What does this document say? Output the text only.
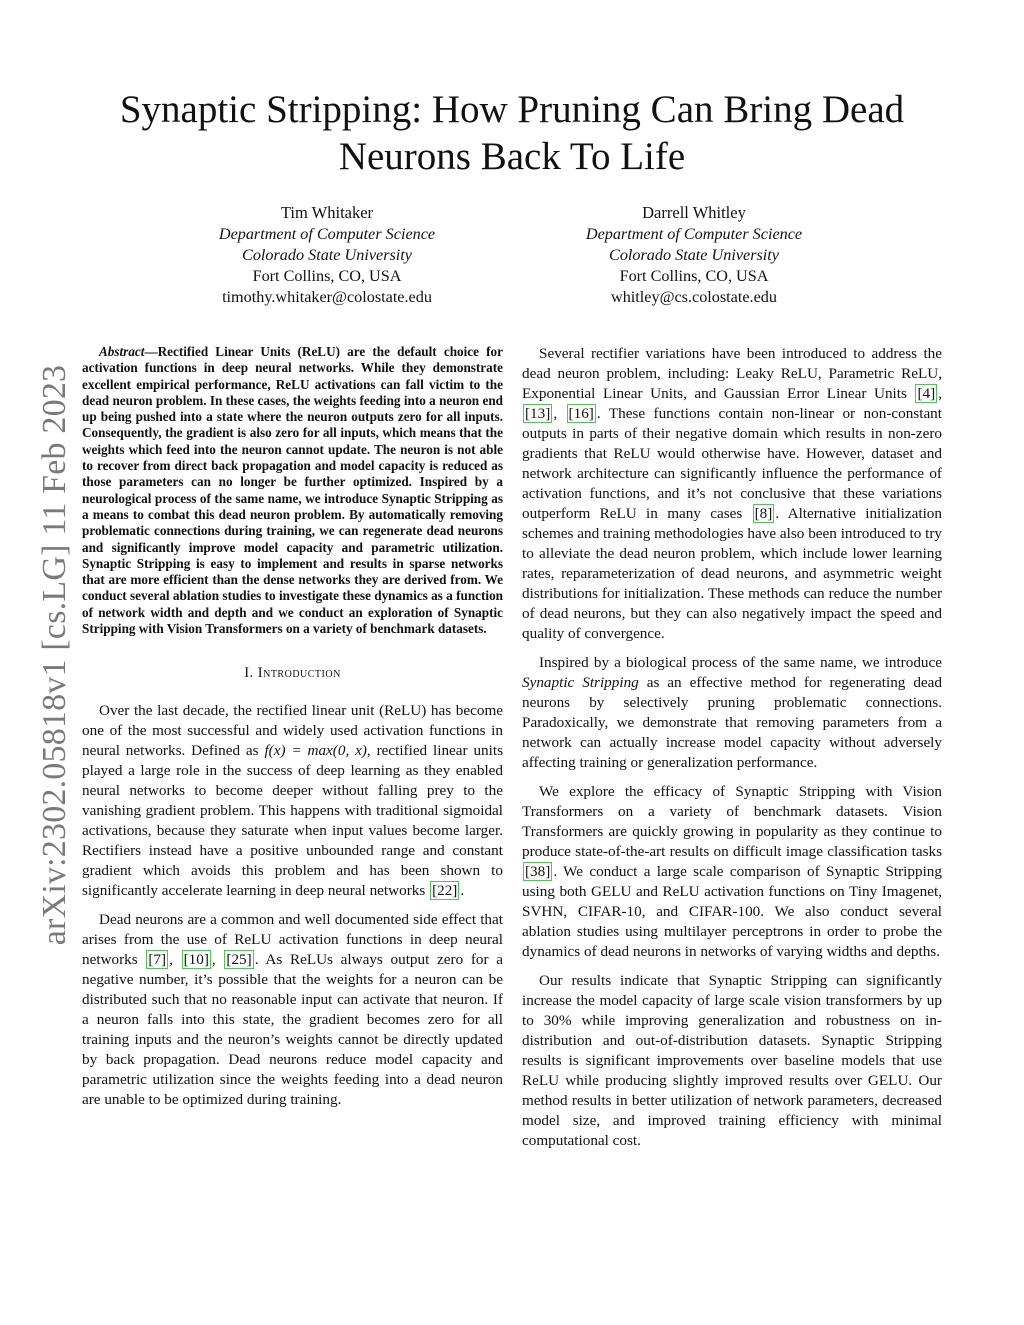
arXiv:2302.05818v1 [cs.LG] 11 Feb 2023
Synaptic Stripping: How Pruning Can Bring Dead
Neurons Back To Life
Tim Whitaker
Department of Computer Science
Colorado State University
Fort Collins, CO, USA
timothy.whitaker@colostate.edu
Darrell Whitley
Department of Computer Science
Colorado State University
Fort Collins, CO, USA
whitley@cs.colostate.edu

Abstract—Rectified Linear Units (ReLU) are the default choice for activation functions in deep neural networks. While they demonstrate excellent empirical performance, ReLU activations can fall victim to the dead neuron problem. In these cases, the weights feeding into a neuron end up being pushed into a state where the neuron outputs zero for all inputs. Consequently, the gradient is also zero for all inputs, which means that the weights which feed into the neuron cannot update. The neuron is not able to recover from direct back propagation and model capacity is reduced as those parameters can no longer be further optimized. Inspired by a neurological process of the same name, we introduce Synaptic Stripping as a means to combat this dead neuron problem. By automatically removing problematic connections during training, we can regenerate dead neurons and significantly improve model capacity and parametric utilization. Synaptic Stripping is easy to implement and results in sparse networks that are more efficient than the dense networks they are derived from. We conduct several ablation studies to investigate these dynamics as a function of network width and depth and we conduct an exploration of Synaptic Stripping with Vision Transformers on a variety of benchmark datasets.

I. Introduction

Over the last decade, the rectified linear unit (ReLU) has become one of the most successful and widely used activation functions in neural networks. Defined as f(x) = max(0, x), rectified linear units played a large role in the success of deep learning as they enabled neural networks to become deeper without falling prey to the vanishing gradient problem. This happens with traditional sigmoidal activations, because they saturate when input values become larger. Rectifiers instead have a positive unbounded range and constant gradient which avoids this problem and has been shown to significantly accelerate learning in deep neural networks [22] .

Dead neurons are a common and well documented side effect that arises from the use of ReLU activation functions in deep neural networks [7] , [10] , [25] . As ReLUs always output zero for a negative number, it’s possible that the weights for a neuron can be distributed such that no reasonable input can activate that neuron. If a neuron falls into this state, the gradient becomes zero for all training inputs and the neuron’s weights cannot be directly updated by back propagation. Dead neurons reduce model capacity and parametric utilization since the weights feeding into a dead neuron are unable to be optimized during training.

Several rectifier variations have been introduced to address the dead neuron problem, including: Leaky ReLU, Parametric ReLU, Exponential Linear Units, and Gaussian Error Linear Units [4] , [13] , [16] . These functions contain non-linear or non-constant outputs in parts of their negative domain which results in non-zero gradients that ReLU would otherwise have. However, dataset and network architecture can significantly influence the performance of activation functions, and it’s not conclusive that these variations outperform ReLU in many cases [8] . Alternative initialization schemes and training methodologies have also been introduced to try to alleviate the dead neuron problem, which include lower learning rates, reparameterization of dead neurons, and asymmetric weight distributions for initialization. These methods can reduce the number of dead neurons, but they can also negatively impact the speed and quality of convergence.

Inspired by a biological process of the same name, we introduce Synaptic Stripping as an effective method for regenerating dead neurons by selectively pruning problematic connections. Paradoxically, we demonstrate that removing parameters from a network can actually increase model capacity without adversely affecting training or generalization performance.

We explore the efficacy of Synaptic Stripping with Vision Transformers on a variety of benchmark datasets. Vision Transformers are quickly growing in popularity as they continue to produce state-of-the-art results on difficult image classification tasks [38] . We conduct a large scale comparison of Synaptic Stripping using both GELU and ReLU activation functions on Tiny Imagenet, SVHN, CIFAR-10, and CIFAR-100. We also conduct several ablation studies using multilayer perceptrons in order to probe the dynamics of dead neurons in networks of varying widths and depths.

Our results indicate that Synaptic Stripping can significantly increase the model capacity of large scale vision transformers by up to 30% while improving generalization and robustness on in-distribution and out-of-distribution datasets. Synaptic Stripping results is significant improvements over baseline models that use ReLU while producing slightly improved results over GELU. Our method results in better utilization of network parameters, decreased model size, and improved training efficiency with minimal computational cost.
